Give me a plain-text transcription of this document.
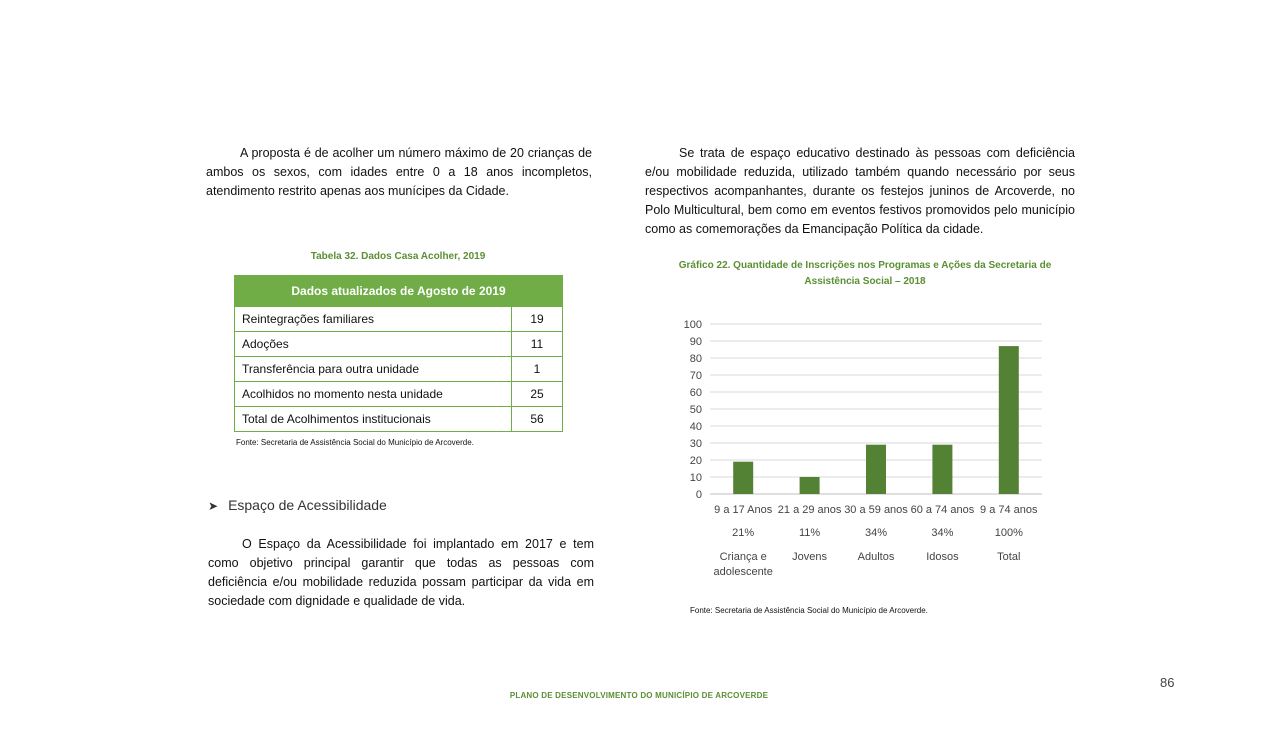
A proposta é de acolher um número máximo de 20 crianças de ambos os sexos, com idades entre 0 a 18 anos incompletos, atendimento restrito apenas aos munícipes da Cidade.

Se trata de espaço educativo destinado às pessoas com deficiência e/ou mobilidade reduzida, utilizado também quando necessário por seus respectivos acompanhantes, durante os festejos juninos de Arcoverde, no Polo Multicultural, bem como em eventos festivos promovidos pelo município como as comemorações da Emancipação Política da cidade.

Tabela 32. Dados Casa Acolher, 2019
Dados atualizados de Agosto de 2019	
Reintegrações familiares	19
Adoções	11
Transferência para outra unidade	1
Acolhidos no momento nesta unidade	25
Total de Acolhimentos institucionais	56
Fonte: Secretaria de Assistência Social do Município de Arcoverde.
➤ Espaço de Acessibilidade

O Espaço da Acessibilidade foi implantado em 2017 e tem como objetivo principal garantir que todas as pessoas com deficiência e/ou mobilidade reduzida possam participar da vida em sociedade com dignidade e qualidade de vida.

Gráfico 22. Quantidade de Inscrições nos Programas e Ações da Secretaria de
Assistência Social – 2018
0
10
20
30
40
50
60
70
80
90
100
9 a 17 Anos
21%
Criança e
adolescente
21 a 29 anos
11%
Jovens
30 a 59 anos
34%
Adultos
60 a 74 anos
34%
Idosos
9 a 74 anos
100%
Total
Fonte: Secretaria de Assistência Social do Município de Arcoverde.
PLANO DE DESENVOLVIMENTO DO MUNICÍPIO DE ARCOVERDE
86
